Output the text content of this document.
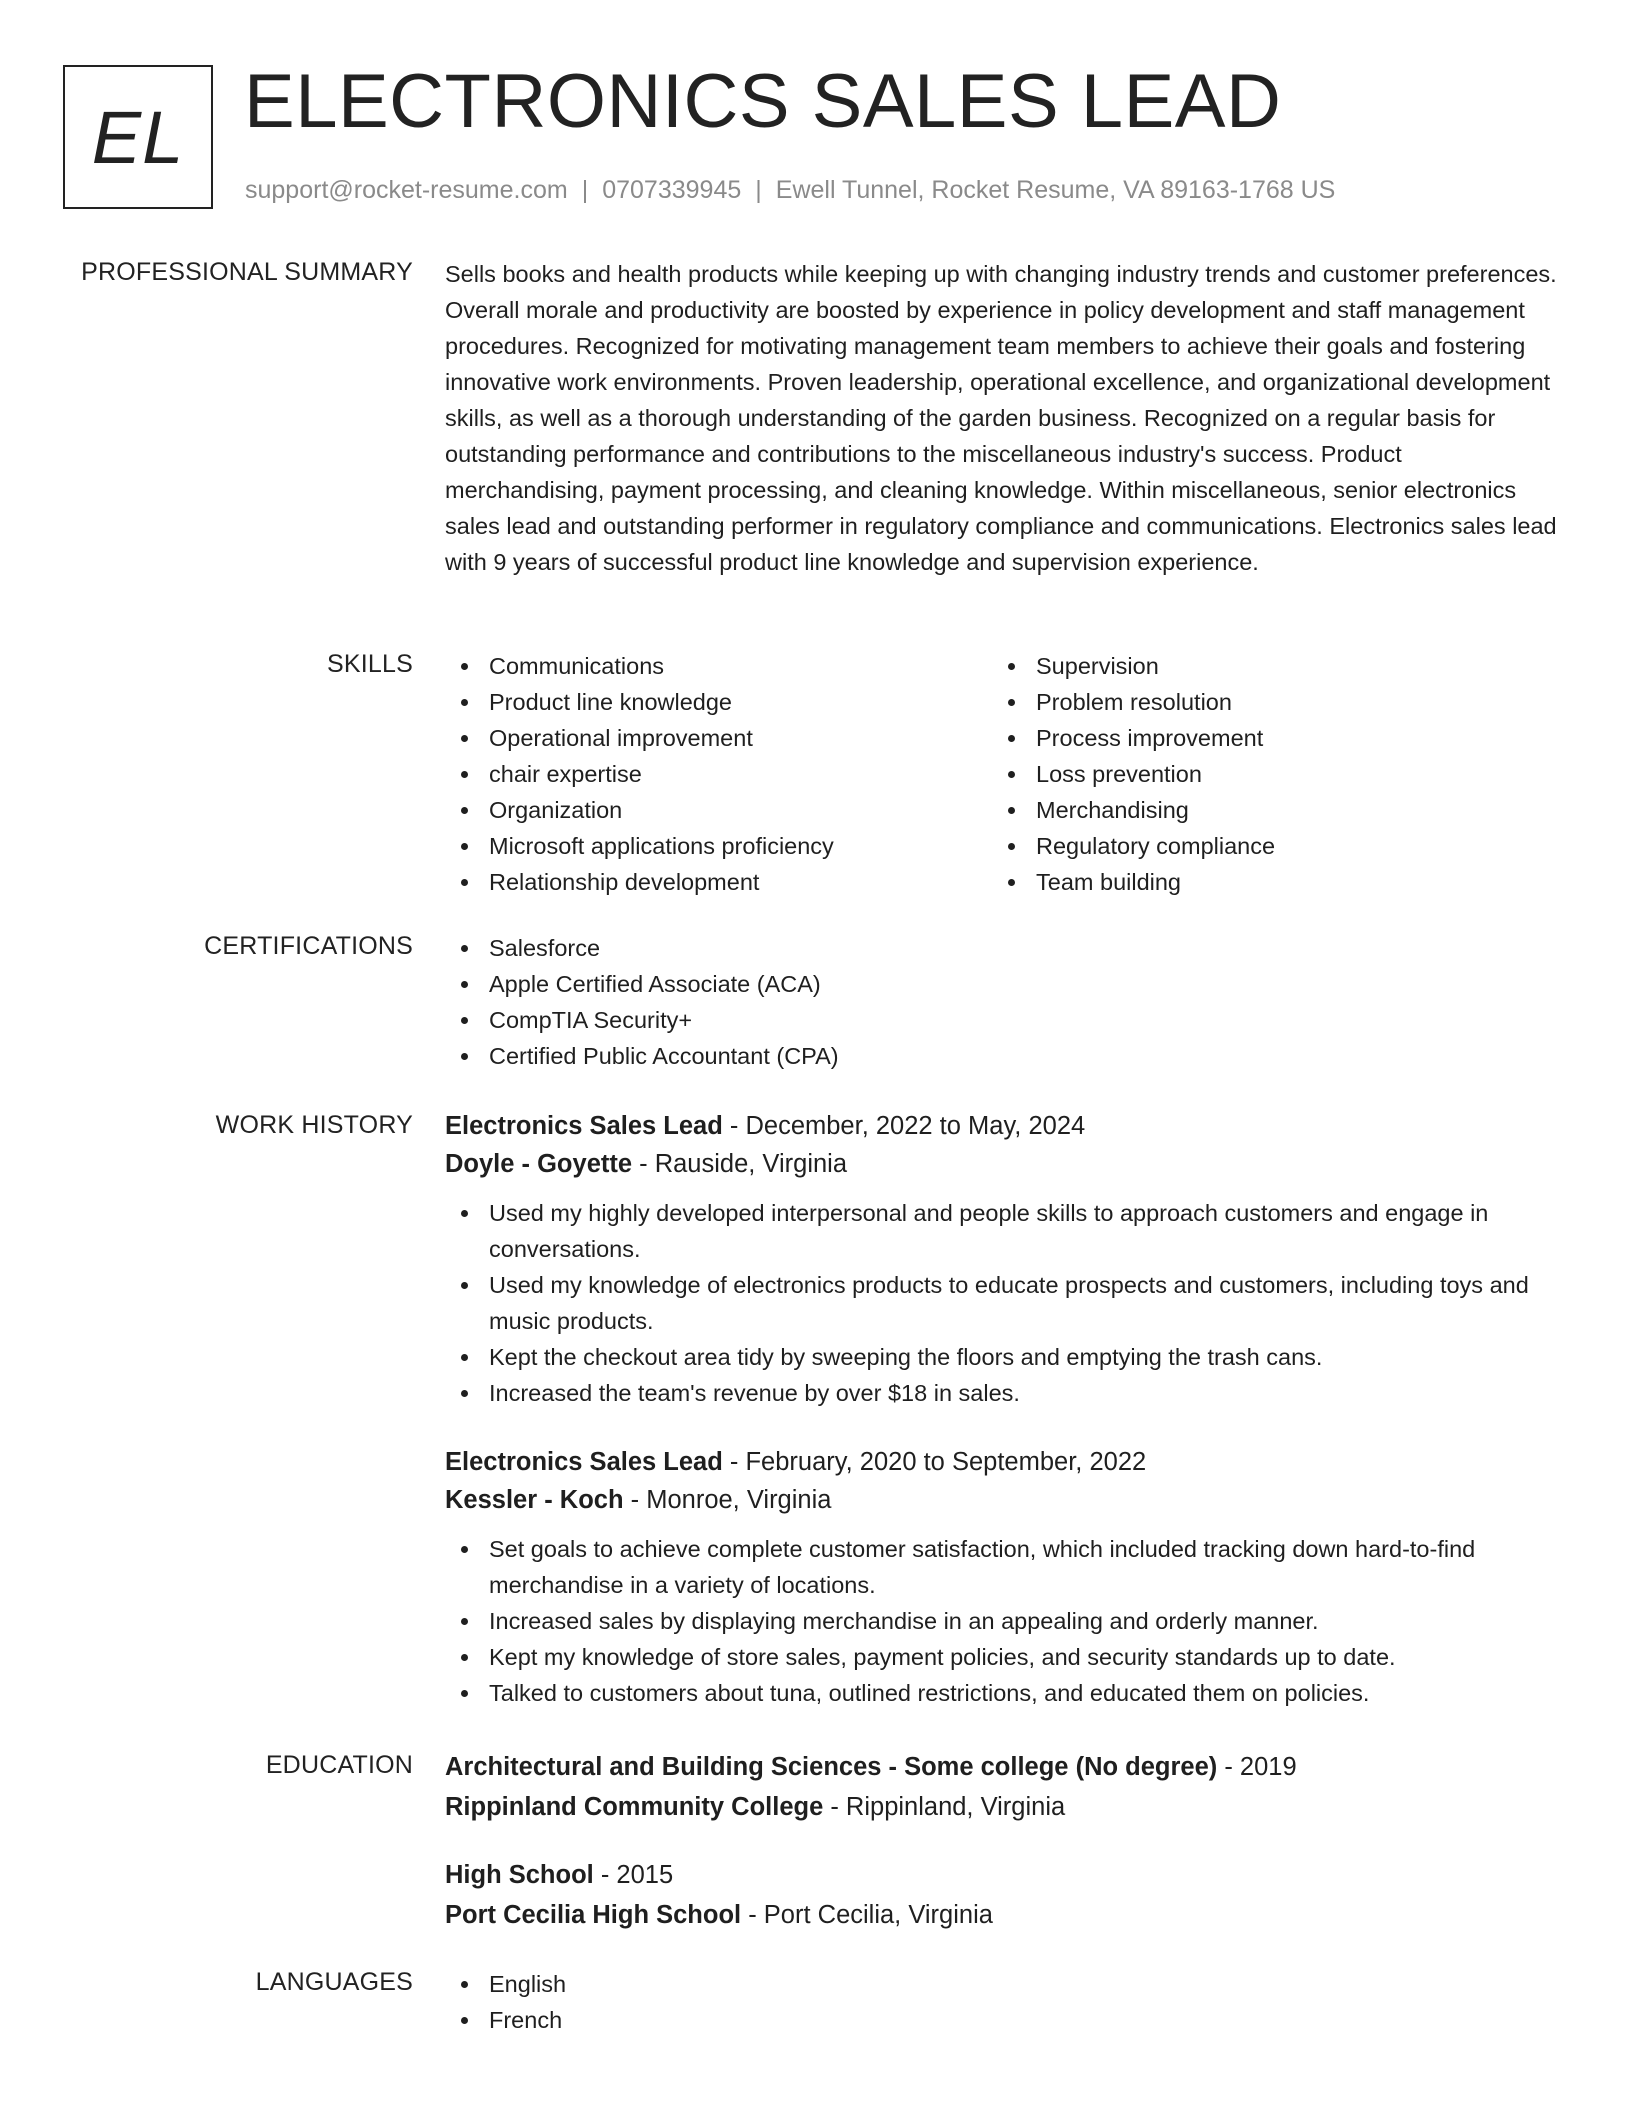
EL ELECTRONICS SALES LEAD
support@rocket-resume.com | 0707339945 | Ewell Tunnel, Rocket Resume, VA 89163-1768 US
PROFESSIONAL SUMMARY Sells books and health products while keeping up with changing industry trends and customer preferences. Overall morale and productivity are boosted by experience in policy development and staff management procedures. Recognized for motivating management team members to achieve their goals and fostering innovative work environments. Proven leadership, operational excellence, and organizational development skills, as well as a thorough understanding of the garden business. Recognized on a regular basis for outstanding performance and contributions to the miscellaneous industry's success. Product merchandising, payment processing, and cleaning knowledge. Within miscellaneous, senior electronics sales lead and outstanding performer in regulatory compliance and communications. Electronics sales lead with 9 years of successful product line knowledge and supervision experience.
SKILLS	Communications
Product line knowledge
Operational improvement
chair expertise
Organization
Microsoft applications proficiency
Relationship development
Supervision
Problem resolution
Process improvement
Loss prevention
Merchandising
Regulatory compliance
Team building
CERTIFICATIONS	Salesforce
Apple Certified Associate (ACA)
CompTIA Security+
Certified Public Accountant (CPA)
WORK HISTORY Electronics Sales Lead - December, 2022 to May, 2024
Doyle - Goyette - Rauside, Virginia
Used my highly developed interpersonal and people skills to approach customers and engage in conversations.
Used my knowledge of electronics products to educate prospects and customers, including toys and music products.
Kept the checkout area tidy by sweeping the floors and emptying the trash cans.
Increased the team's revenue by over $18 in sales.
Electronics Sales Lead - February, 2020 to September, 2022
Kessler - Koch - Monroe, Virginia
Set goals to achieve complete customer satisfaction, which included tracking down hard-to-find merchandise in a variety of locations.
Increased sales by displaying merchandise in an appealing and orderly manner.
Kept my knowledge of store sales, payment policies, and security standards up to date.
Talked to customers about tuna, outlined restrictions, and educated them on policies.
EDUCATION Architectural and Building Sciences - Some college (No degree) - 2019
Rippinland Community College - Rippinland, Virginia
High School - 2015
Port Cecilia High School - Port Cecilia, Virginia
LANGUAGES	English
French
